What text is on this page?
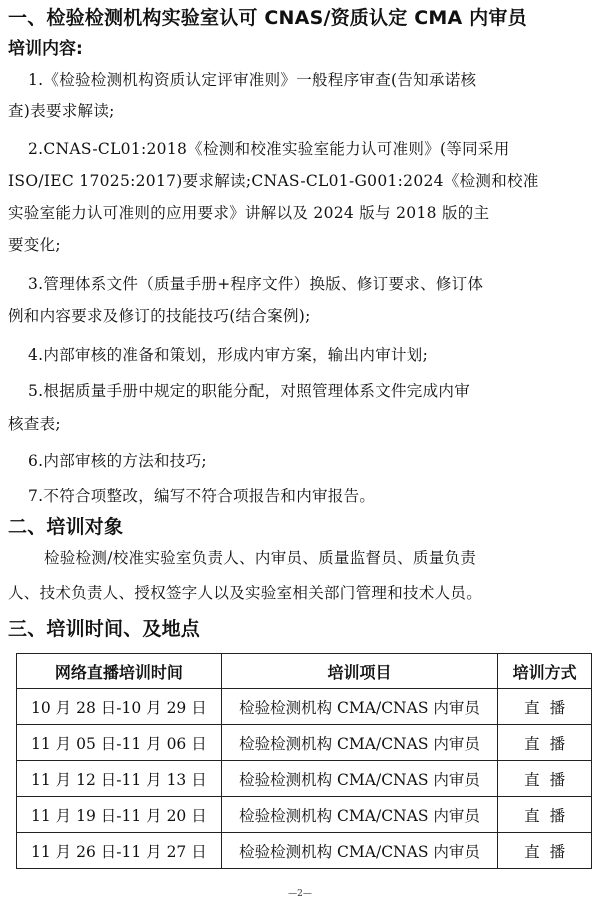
一、检验检测机构实验室认可 CNAS/资质认定 CMA 内审员
培训内容:
1.《检验检测机构资质认定评审准则》一般程序审查(告知承诺核
查)表要求解读;
2.CNAS-CL01:2018《检测和校准实验室能力认可准则》(等同采用
ISO/IEC 17025:2017)要求解读;CNAS-CL01-G001:2024《检测和校准
实验室能力认可准则的应用要求》讲解以及 2024 版与 2018 版的主
要变化;
3.管理体系文件（质量手册+程序文件）换版、修订要求、修订体
例和内容要求及修订的技能技巧(结合案例);
4.内部审核的准备和策划，形成内审方案，输出内审计划;
5.根据质量手册中规定的职能分配，对照管理体系文件完成内审
核查表;
6.内部审核的方法和技巧;
7.不符合项整改，编写不符合项报告和内审报告。
二、培训对象
检验检测/校准实验室负责人、内审员、质量监督员、质量负责
人、技术负责人、授权签字人以及实验室相关部门管理和技术人员。
三、培训时间、及地点
网络直播培训时间	培训项目	培训方式
10 月 28 日-10 月 29 日	检验检测机构 CMA/CNAS 内审员	直播
11 月 05 日-11 月 06 日	检验检测机构 CMA/CNAS 内审员	直播
11 月 12 日-11 月 13 日	检验检测机构 CMA/CNAS 内审员	直播
11 月 19 日-11 月 20 日	检验检测机构 CMA/CNAS 内审员	直播
11 月 26 日-11 月 27 日	检验检测机构 CMA/CNAS 内审员	直播
—2—
